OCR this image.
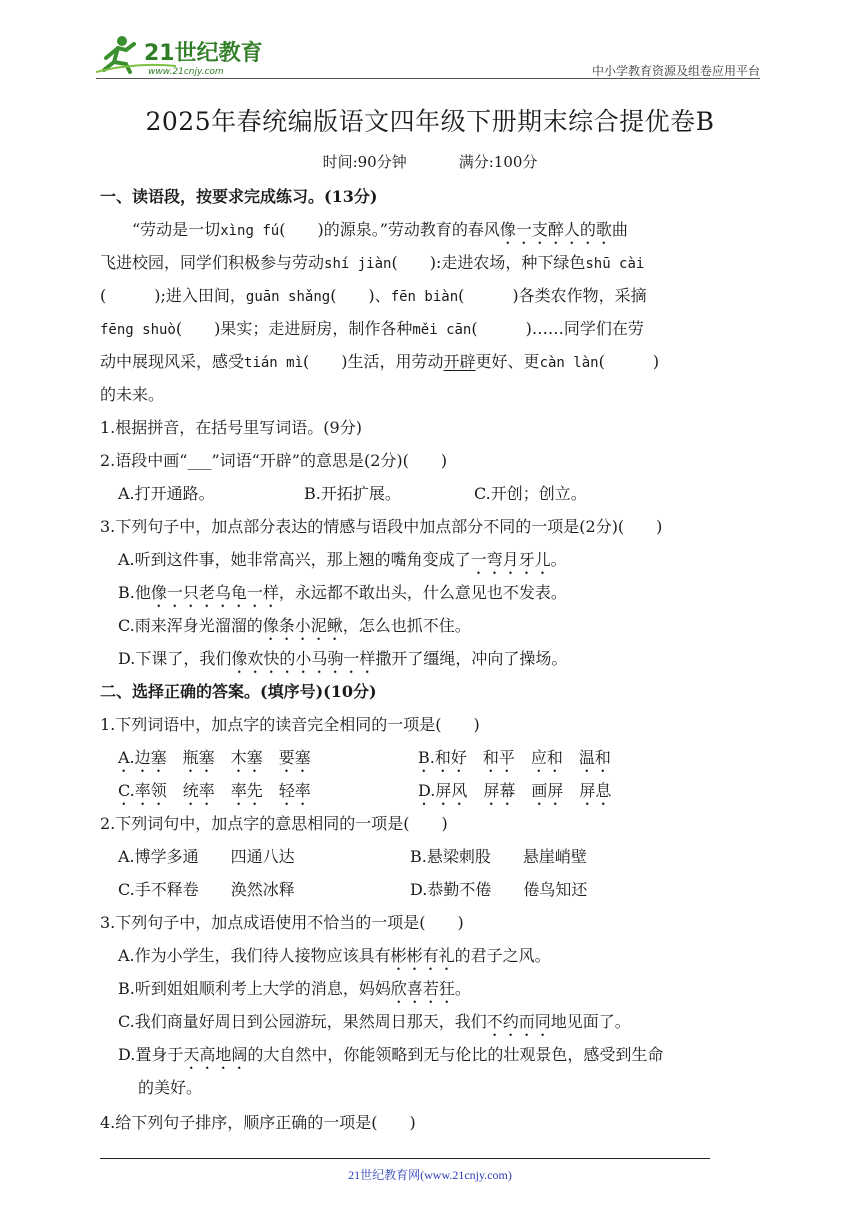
21世纪教育
www.21cnjy.com	中小学教育资源及组卷应用平台
2025年春统编版语文四年级下册期末综合提优卷B
时间:90分钟	满分:100分
一、读语段，按要求完成练习。(13分)
“劳动是一切xìng fú(　　)的源泉。”劳动教育的春风像一支醉人的歌曲
飞进校园，同学们积极参与劳动shí jiàn(　　):走进农场，种下绿色shū cài
(　　　);进入田间，guān shǎng(　　)、fēn biàn(　　　)各类农作物，采摘
fēng shuò(　　)果实；走进厨房，制作各种měi cān(　　　)……同学们在劳
动中展现风采，感受tián mì(　　)生活，用劳动开辟更好、更càn làn(　　　)
的未来。
1.根据拼音，在括号里写词语。(9分)
2.语段中画“___”词语“开辟”的意思是(2分)(　　)
A.打开通路。	B.开拓扩展。	C.开创；创立。
3.下列句子中，加点部分表达的情感与语段中加点部分不同的一项是(2分)(　　)
A.听到这件事，她非常高兴，那上翘的嘴角变成了一弯月牙儿。
B.他像一只老乌龟一样，永远都不敢出头，什么意见也不发表。
C.雨来浑身光溜溜的像条小泥鳅，怎么也抓不住。
D.下课了，我们像欢快的小马驹一样撒开了缰绳，冲向了操场。
二、选择正确的答案。(填序号)(10分)
1.下列词语中，加点字的读音完全相同的一项是(　　)
A.边塞　瓶塞　木塞　要塞	B.和好　和平　应和　温和
C.率领　统率　率先　轻率	D.屏风　屏幕　画屏　屏息
2.下列词句中，加点字的意思相同的一项是(　　)
A.博学多通　　四通八达	B.悬梁刺股　　悬崖峭壁
C.手不释卷　　涣然冰释	D.恭勤不倦　　倦鸟知还
3.下列句子中，加点成语使用不恰当的一项是(　　)
A.作为小学生，我们待人接物应该具有彬彬有礼的君子之风。
B.听到姐姐顺利考上大学的消息，妈妈欣喜若狂。
C.我们商量好周日到公园游玩，果然周日那天，我们不约而同地见面了。
D.置身于天高地阔的大自然中，你能领略到无与伦比的壮观景色，感受到生命
的美好。
4.给下列句子排序，顺序正确的一项是(　　)
21世纪教育网(www.21cnjy.com)
